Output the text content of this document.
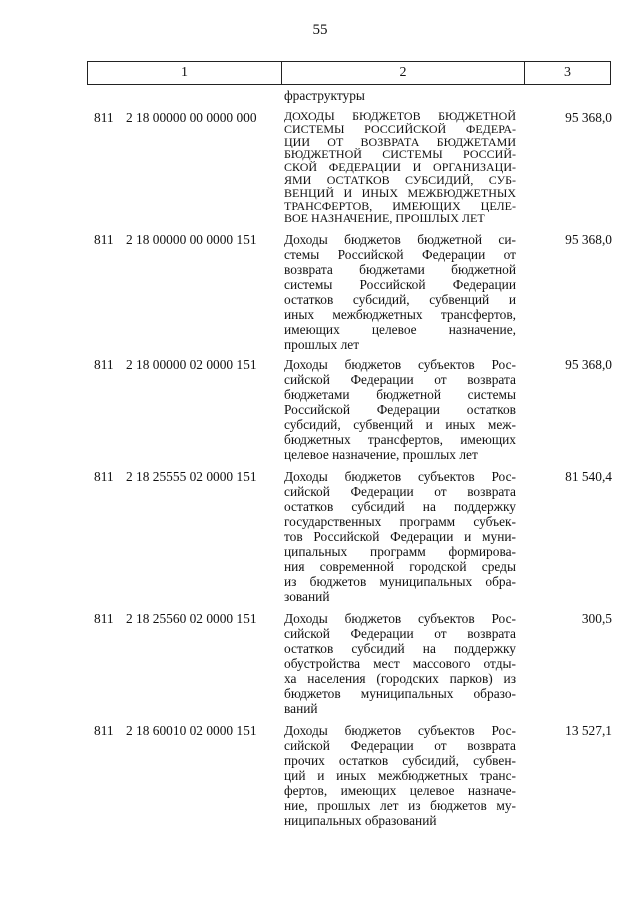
55
1	2	3
фраструктуры
811 2 18 00000 00 0000 000	ДОХОДЫ БЮДЖЕТОВ БЮДЖЕТНОЙ
СИСТЕМЫ РОССИЙСКОЙ ФЕДЕРА-
ЦИИ ОТ ВОЗВРАТА БЮДЖЕТАМИ
БЮДЖЕТНОЙ СИСТЕМЫ РОССИЙ-
СКОЙ ФЕДЕРАЦИИ И ОРГАНИЗАЦИ-
ЯМИ ОСТАТКОВ СУБСИДИЙ, СУБ-
ВЕНЦИЙ И ИНЫХ МЕЖБЮДЖЕТНЫХ
ТРАНСФЕРТОВ, ИМЕЮЩИХ ЦЕЛЕ-
ВОЕ НАЗНАЧЕНИЕ, ПРОШЛЫХ ЛЕТ
95 368,0
811 2 18 00000 00 0000 151	Доходы бюджетов бюджетной си-
стемы Российской Федерации от
возврата бюджетами бюджетной
системы Российской Федерации
остатков субсидий, субвенций и
иных межбюджетных трансфертов,
имеющих целевое назначение,
прошлых лет
95 368,0
811 2 18 00000 02 0000 151	Доходы бюджетов субъектов Рос-
сийской Федерации от возврата
бюджетами бюджетной системы
Российской Федерации остатков
субсидий, субвенций и иных меж-
бюджетных трансфертов, имеющих
целевое назначение, прошлых лет
95 368,0
811 2 18 25555 02 0000 151	Доходы бюджетов субъектов Рос-
сийской Федерации от возврата
остатков субсидий на поддержку
государственных программ субъек-
тов Российской Федерации и муни-
ципальных программ формирова-
ния современной городской среды
из бюджетов муниципальных обра-
зований
81 540,4
811 2 18 25560 02 0000 151	Доходы бюджетов субъектов Рос-
сийской Федерации от возврата
остатков субсидий на поддержку
обустройства мест массового отды-
ха населения (городских парков) из
бюджетов муниципальных образо-
ваний
300,5
811 2 18 60010 02 0000 151	Доходы бюджетов субъектов Рос-
сийской Федерации от возврата
прочих остатков субсидий, субвен-
ций и иных межбюджетных транс-
фертов, имеющих целевое назначе-
ние, прошлых лет из бюджетов му-
ниципальных образований
13 527,1
